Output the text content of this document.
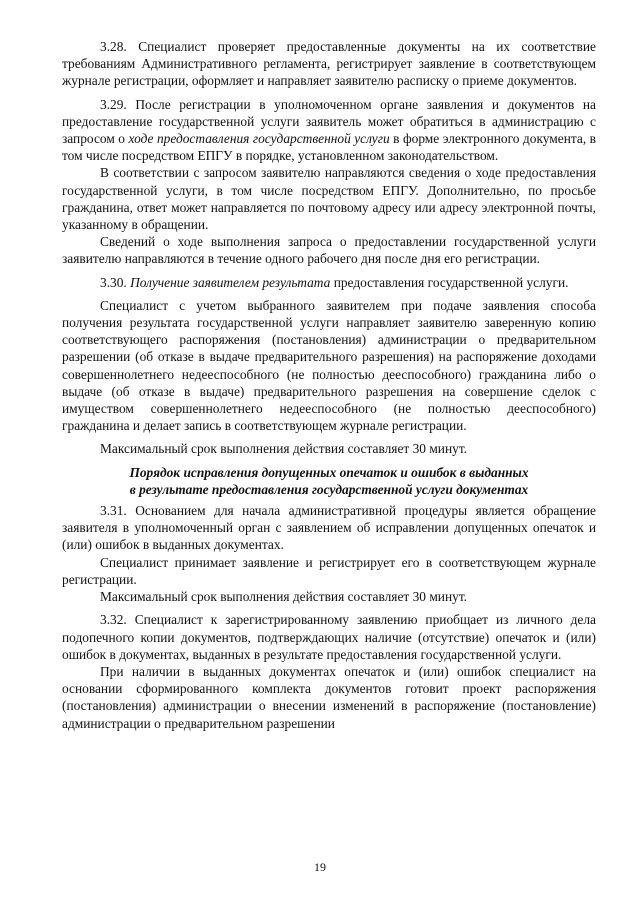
3.28. Специалист проверяет предоставленные документы на их соответствие требованиям Административного регламента, регистрирует заявление в соответствующем журнале регистрации, оформляет и направляет заявителю расписку о приеме документов.

3.29. После регистрации в уполномоченном органе заявления и документов на предоставление государственной услуги заявитель может обратиться в администрацию с запросом о ходе предоставления государственной услуги в форме электронного документа, в том числе посредством ЕПГУ в порядке, установленном законодательством.

В соответствии с запросом заявителю направляются сведения о ходе предоставления государственной услуги, в том числе посредством ЕПГУ. Дополнительно, по просьбе гражданина, ответ может направляется по почтовому адресу или адресу электронной почты, указанному в обращении.

Сведений о ходе выполнения запроса о предоставлении государственной услуги заявителю направляются в течение одного рабочего дня после дня его регистрации.

3.30. Получение заявителем результата предоставления государственной услуги.

Специалист с учетом выбранного заявителем при подаче заявления способа получения результата государственной услуги направляет заявителю заверенную копию соответствующего распоряжения (постановления) администрации о предварительном разрешении (об отказе в выдаче предварительного разрешения) на распоряжение доходами совершеннолетнего недееспособного (не полностью дееспособного) гражданина либо о выдаче (об отказе в выдаче) предварительного разрешения на совершение сделок с имуществом совершеннолетнего недееспособного (не полностью дееспособного) гражданина и делает запись в соответствующем журнале регистрации.

Максимальный срок выполнения действия составляет 30 минут.

Порядок исправления допущенных опечаток и ошибок в выданных
в результате предоставления государственной услуги документах

3.31. Основанием для начала административной процедуры является обращение заявителя в уполномоченный орган с заявлением об исправлении допущенных опечаток и (или) ошибок в выданных документах.

Специалист принимает заявление и регистрирует его в соответствующем журнале регистрации.

Максимальный срок выполнения действия составляет 30 минут.

3.32. Специалист к зарегистрированному заявлению приобщает из личного дела подопечного копии документов, подтверждающих наличие (отсутствие) опечаток и (или) ошибок в документах, выданных в результате предоставления государственной услуги.

При наличии в выданных документах опечаток и (или) ошибок специалист на основании сформированного комплекта документов готовит проект распоряжения (постановления) администрации о внесении изменений в распоряжение (постановление) администрации о предварительном разрешении

19
